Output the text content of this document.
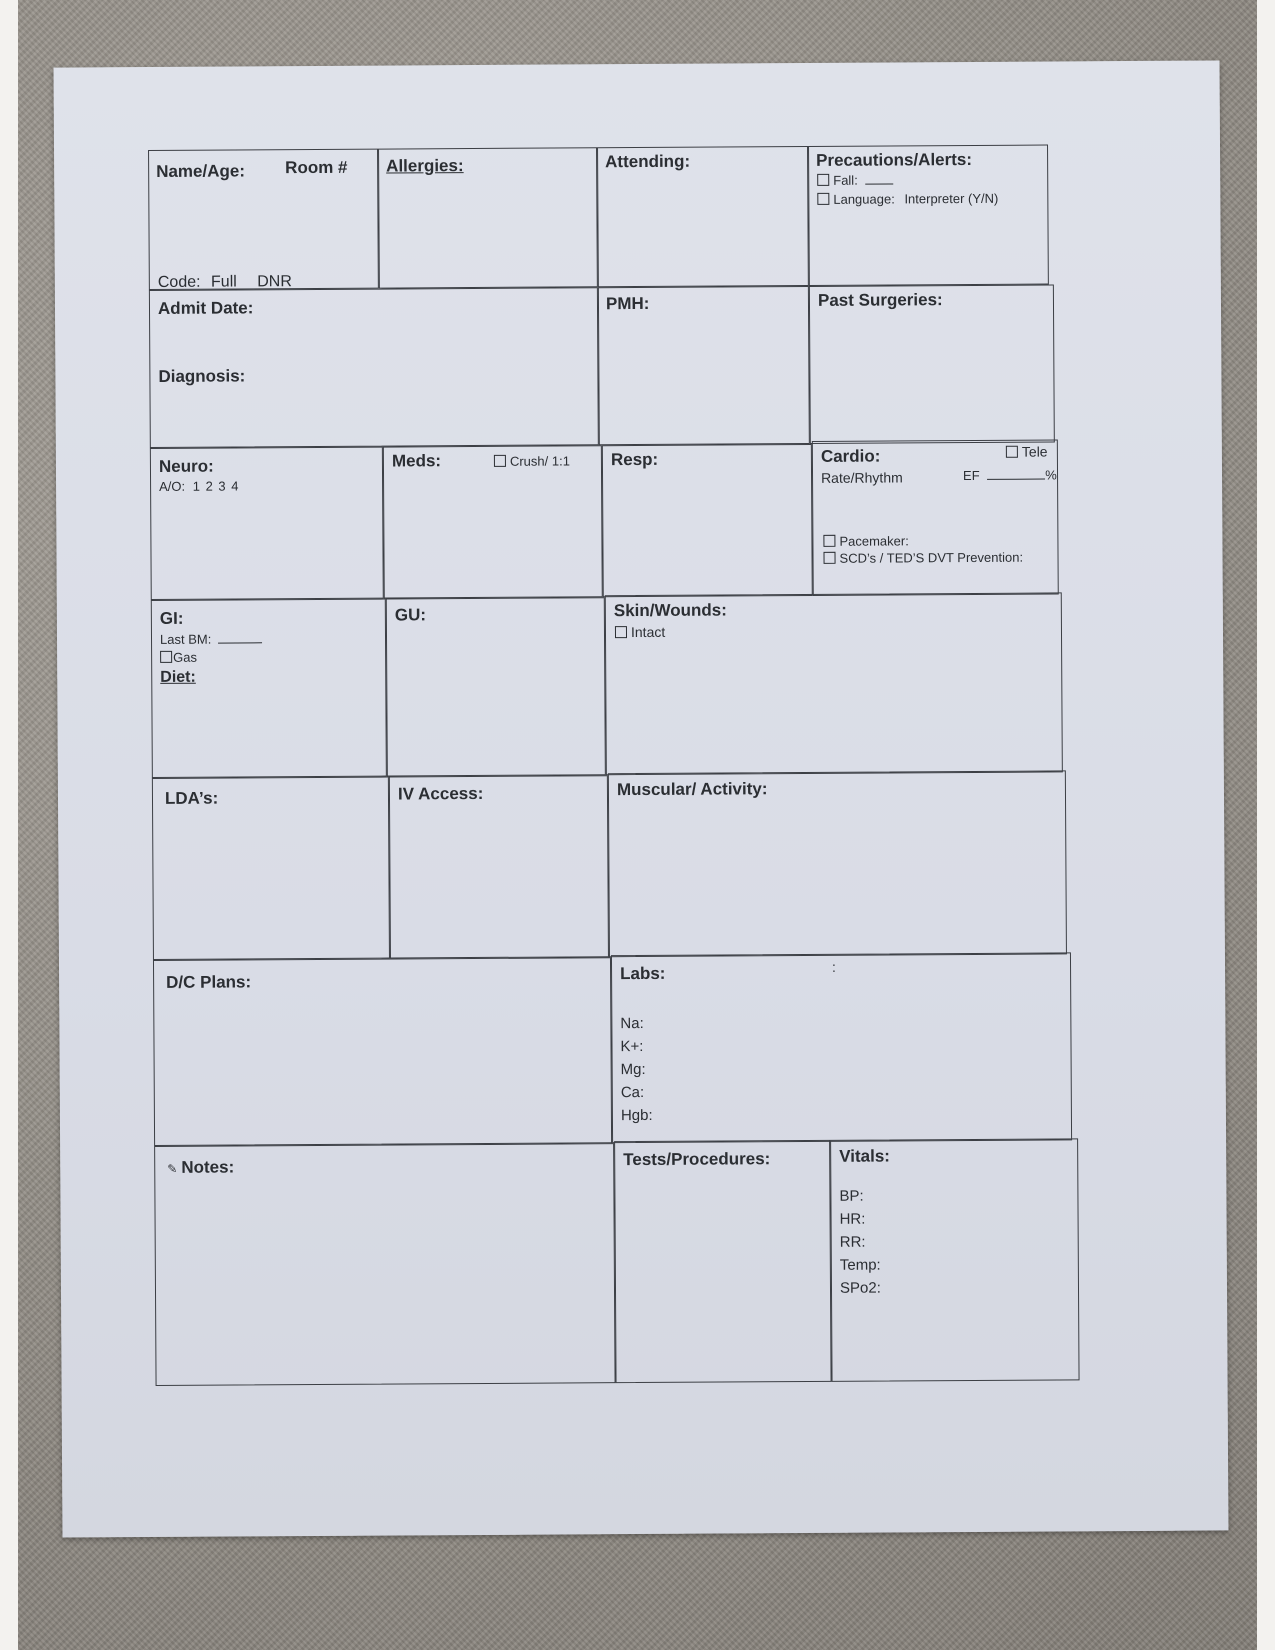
Name/Age: Room #
Code: Full DNR
Allergies:	Attending:	Precautions/Alerts:
Fall:
Language: Interpreter (Y/N)
Admit Date:
Diagnosis:
PMH:	Past Surgeries:
Neuro:
A/O: 1 2 3 4
Meds:	Crush/ 1:1 Resp:	Cardio:	Tele
Rate/Rhythm	EF	%
Pacemaker:
SCD’s / TED’S DVT Prevention:
GI:
Last BM:
Gas
Diet:
GU:	Skin/Wounds:
Intact
LDA’s:	IV Access:	Muscular/ Activity:
D/C Plans:	Labs:	:
Na:
K+:
Mg:
Ca:
Hgb:
✎ Notes:	Tests/Procedures:	Vitals:
BP:
HR:
RR:
Temp:
SPo2:
